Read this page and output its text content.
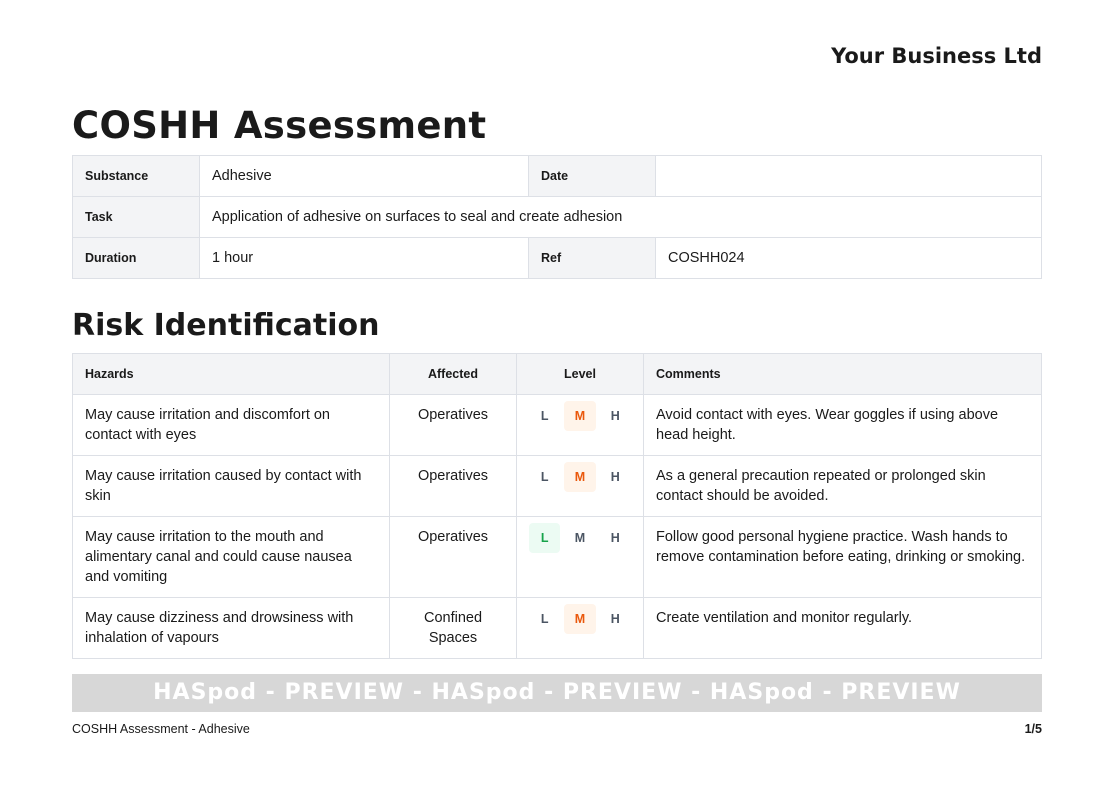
Your Business Ltd
COSHH Assessment
Substance	Adhesive	Date	
Task	Application of adhesive on surfaces to seal and create adhesion		
Duration	1 hour	Ref	COSHH024
Risk Identification
Hazards	Affected	Level	Comments
May cause irritation and discomfort on contact with eyes	Operatives	L M H	Avoid contact with eyes. Wear goggles if using above head height.
May cause irritation caused by contact with skin	Operatives	L M H	As a general precaution repeated or prolonged skin contact should be avoided.
May cause irritation to the mouth and alimentary canal and could cause nausea and vomiting	Operatives	L M H	Follow good personal hygiene practice. Wash hands to remove contamination before eating, drinking or smoking.
May cause dizziness and drowsiness with inhalation of vapours	Confined Spaces	L M H	Create ventilation and monitor regularly.
HASpod - PREVIEW - HASpod - PREVIEW - HASpod - PREVIEW
COSHH Assessment - Adhesive	1/5
